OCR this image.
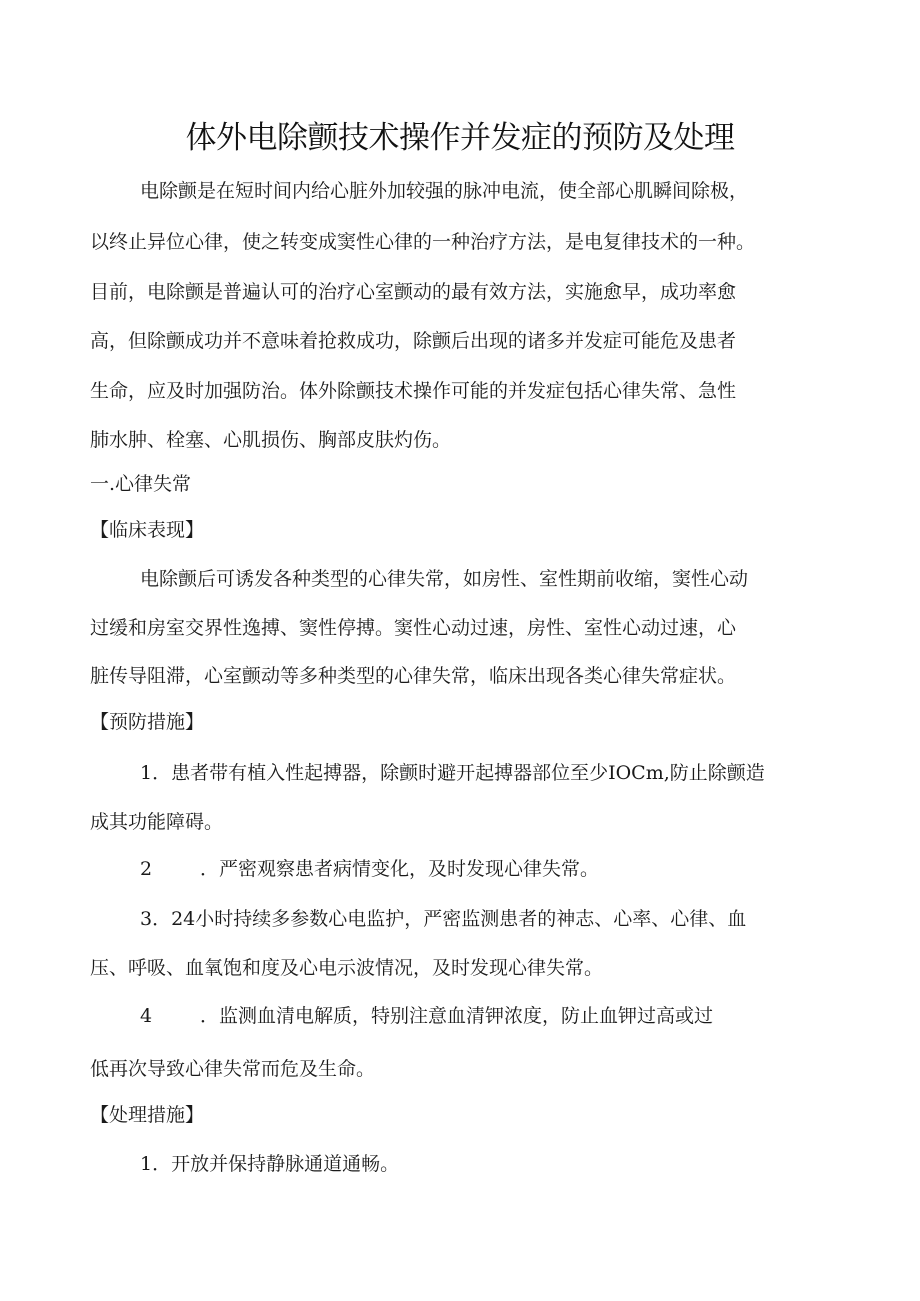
体外电除颤技术操作并发症的预防及处理

电除颤是在短时间内给心脏外加较强的脉冲电流，使全部心肌瞬间除极，

以终止异位心律，使之转变成窦性心律的一种治疗方法，是电复律技术的一种。

目前，电除颤是普遍认可的治疗心室颤动的最有效方法，实施愈早，成功率愈

高，但除颤成功并不意味着抢救成功，除颤后出现的诸多并发症可能危及患者

生命，应及时加强防治。体外除颤技术操作可能的并发症包括心律失常、急性

肺水肿、栓塞、心肌损伤、胸部皮肤灼伤。

一.心律失常

【临床表现】

电除颤后可诱发各种类型的心律失常，如房性、室性期前收缩，窦性心动

过缓和房室交界性逸搏、窦性停搏。窦性心动过速，房性、室性心动过速，心

脏传导阻滞，心室颤动等多种类型的心律失常，临床出现各类心律失常症状。

【预防措施】

1．患者带有植入性起搏器，除颤时避开起搏器部位至少IOCm,防止除颤造

成其功能障碍。

2	．严密观察患者病情变化，及时发现心律失常。

3．24小时持续多参数心电监护，严密监测患者的神志、心率、心律、血

压、呼吸、血氧饱和度及心电示波情况，及时发现心律失常。

4	．监测血清电解质，特别注意血清钾浓度，防止血钾过高或过

低再次导致心律失常而危及生命。

【处理措施】

1．开放并保持静脉通道通畅。
